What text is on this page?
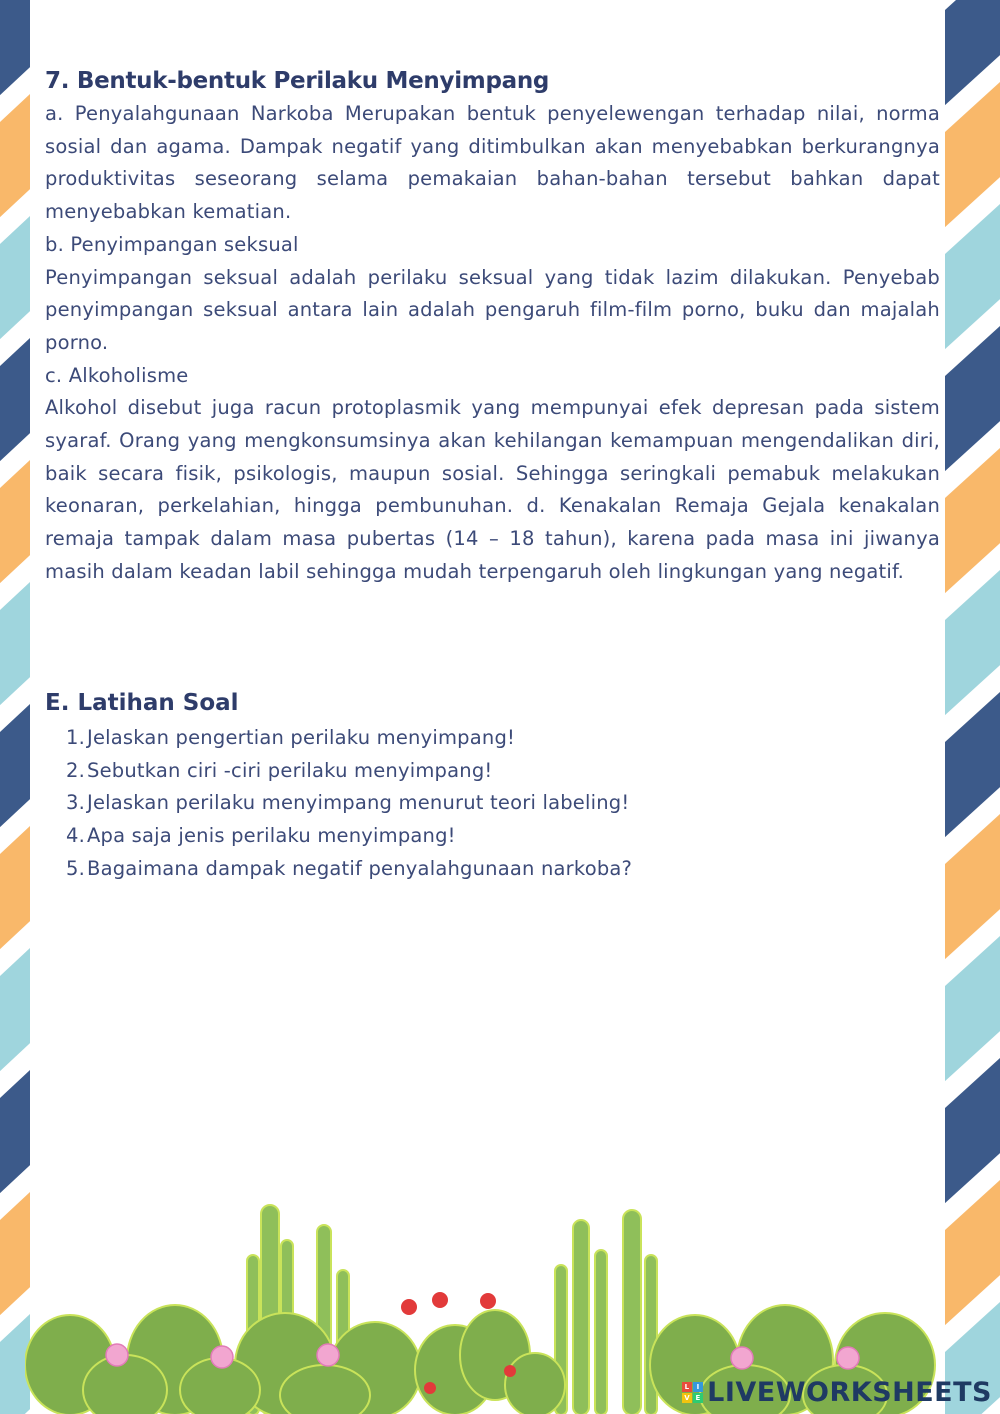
7. Bentuk-bentuk Perilaku Menyimpang

a. Penyalahgunaan Narkoba Merupakan bentuk penyelewengan terhadap nilai, norma sosial dan agama. Dampak negatif yang ditimbulkan akan menyebabkan berkurangnya produktivitas seseorang selama pemakaian bahan-bahan tersebut bahkan dapat menyebabkan kematian.

b. Penyimpangan seksual

Penyimpangan seksual adalah perilaku seksual yang tidak lazim dilakukan. Penyebab penyimpangan seksual antara lain adalah pengaruh film-film porno, buku dan majalah porno.

c. Alkoholisme

Alkohol disebut juga racun protoplasmik yang mempunyai efek depresan pada sistem syaraf. Orang yang mengkonsumsinya akan kehilangan kemampuan mengendalikan diri, baik secara fisik, psikologis, maupun sosial. Sehingga seringkali pemabuk melakukan keonaran, perkelahian, hingga pembunuhan. d. Kenakalan Remaja Gejala kenakalan remaja tampak dalam masa pubertas (14 – 18 tahun), karena pada masa ini jiwanya masih dalam keadan labil sehingga mudah terpengaruh oleh lingkungan yang negatif.

E. Latihan Soal
1. Jelaskan pengertian perilaku menyimpang!
2. Sebutkan ciri -ciri perilaku menyimpang!
3. Jelaskan perilaku menyimpang menurut teori labeling!
4. Apa saja jenis perilaku menyimpang!
5. Bagaimana dampak negatif penyalahgunaan narkoba?
L I
V E LIVEWORKSHEETS
